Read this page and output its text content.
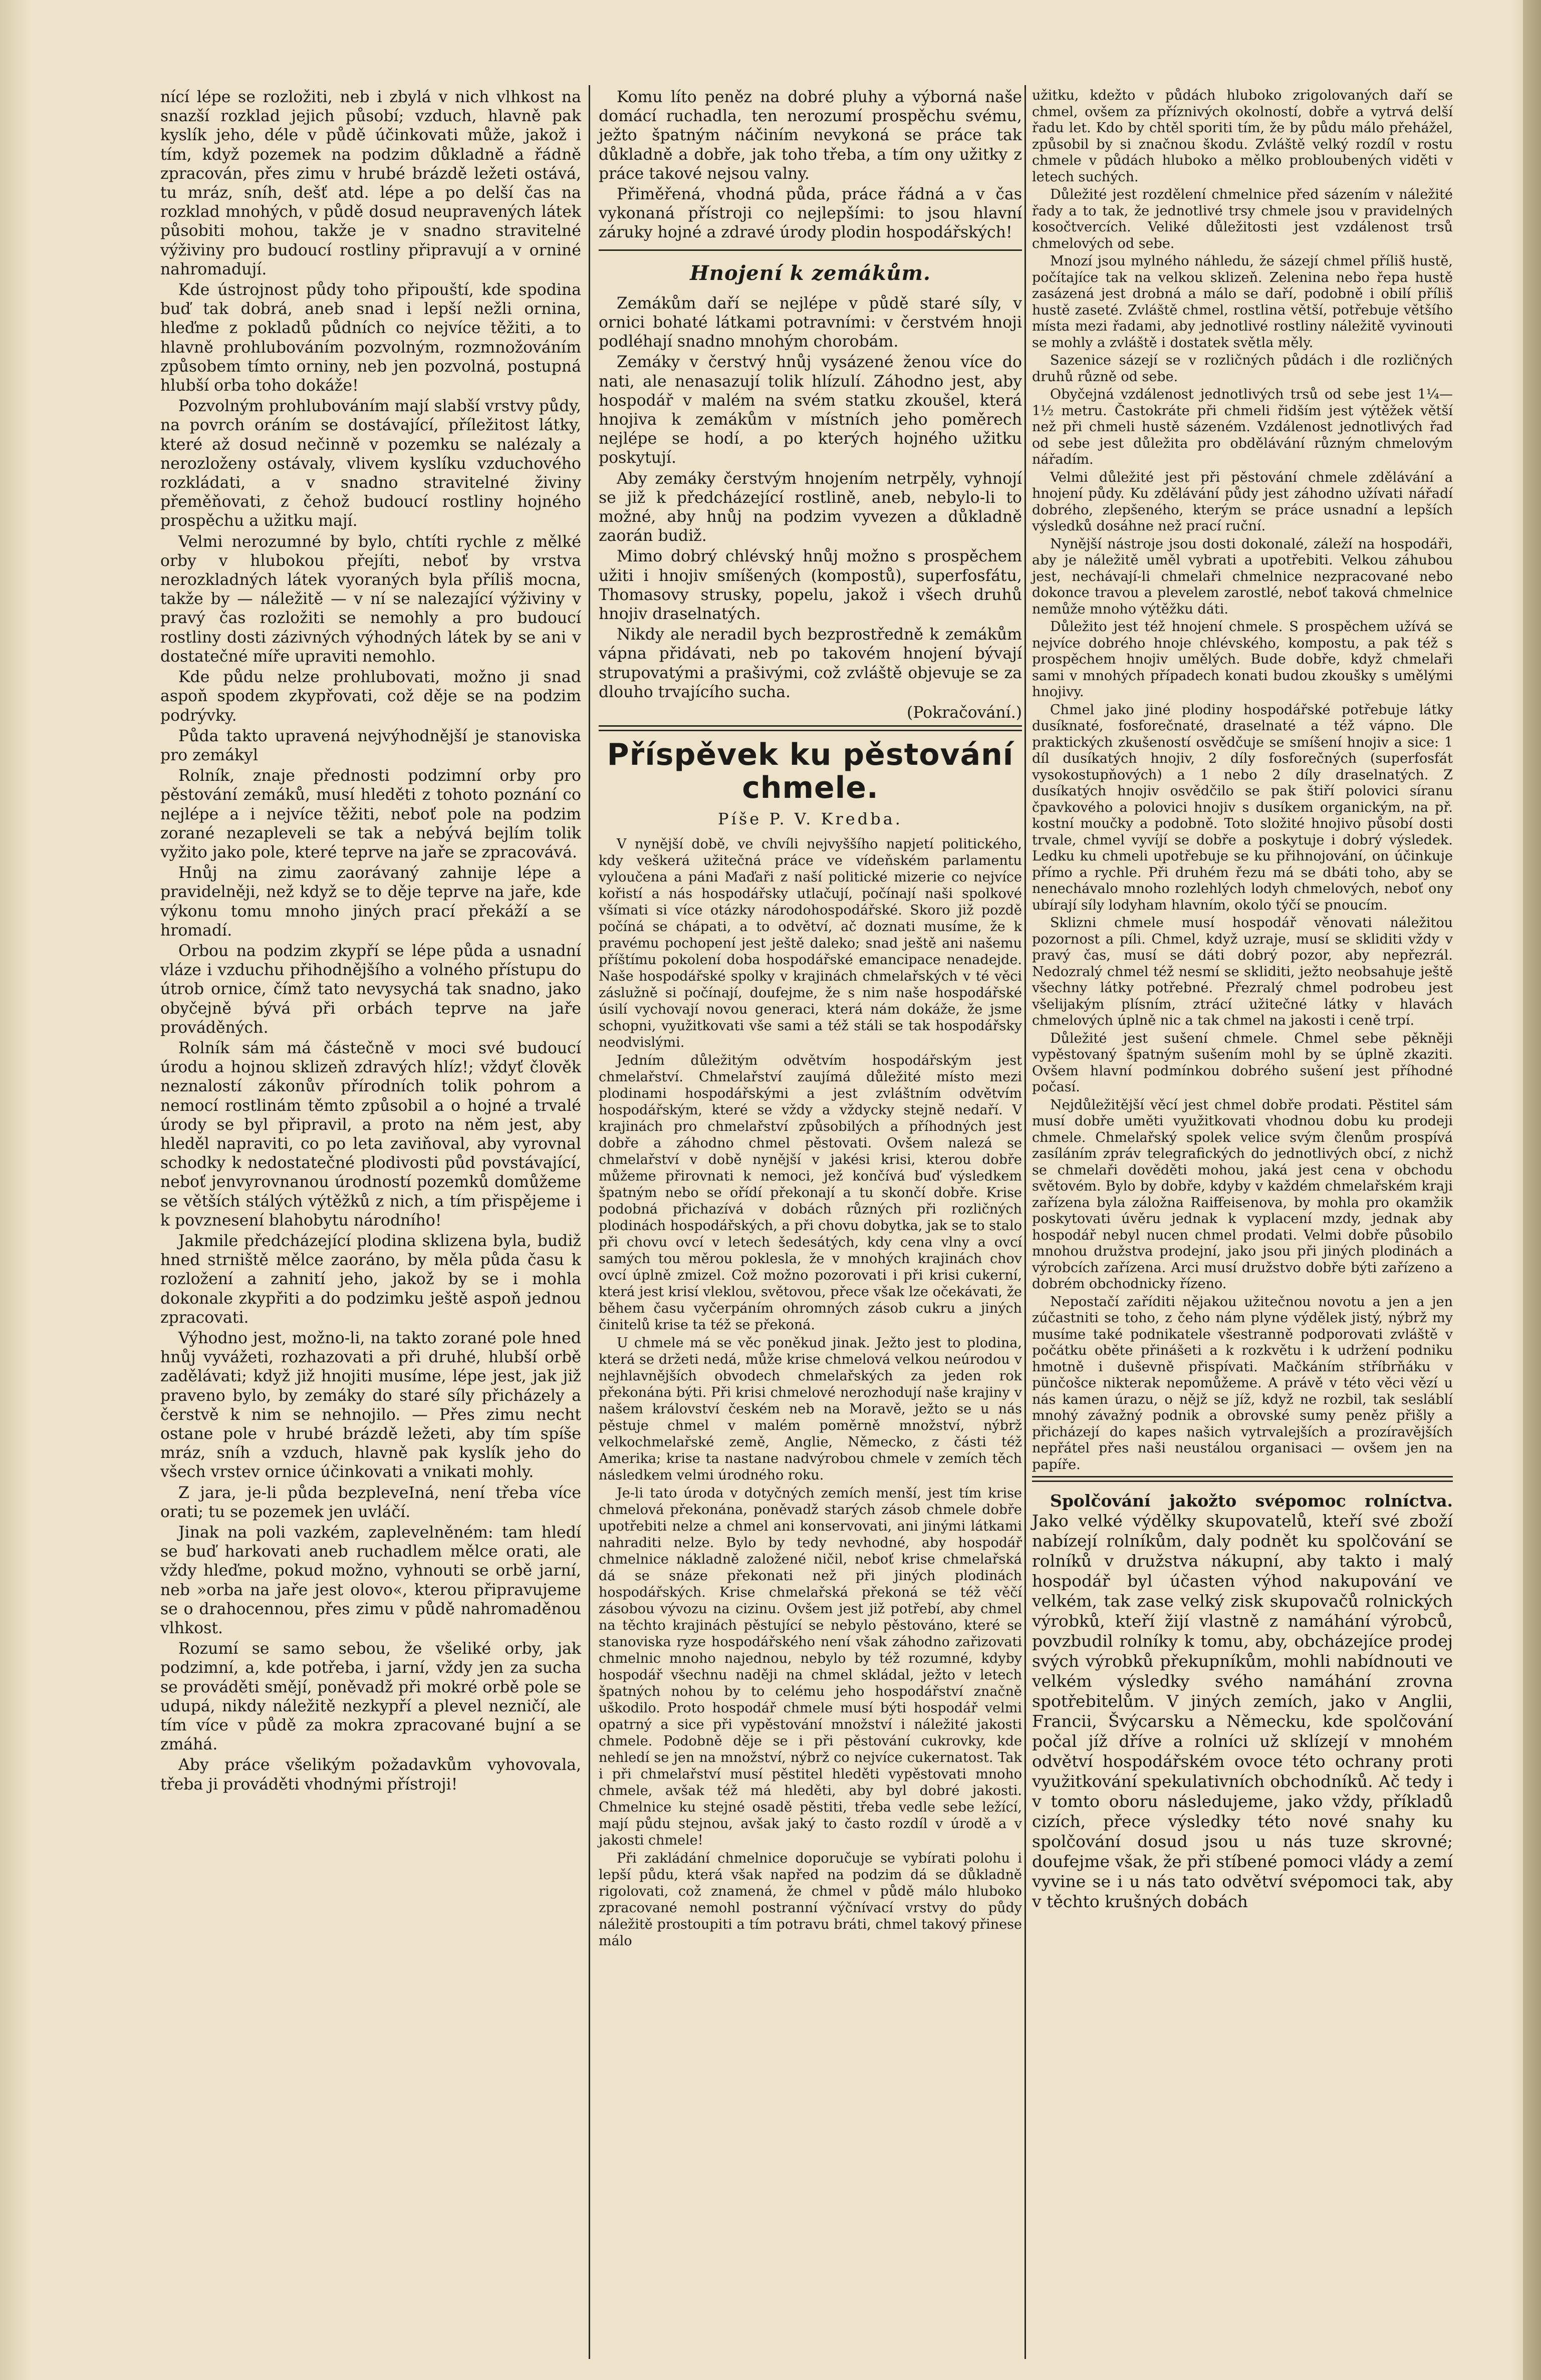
nící lépe se rozložiti, neb i zbylá v nich vlhkost na snazší rozklad jejich působí; vzduch, hlavně pak kyslík jeho, déle v půdě účinkovati může, jakož i tím, když pozemek na podzim důkladně a řádně zpracován, přes zimu v hrubé brázdě ležeti ostává, tu mráz, sníh, dešť atd. lépe a po delší čas na rozklad mnohých, v půdě dosud neupravených látek působiti mohou, takže je v snadno stravitelné výživiny pro budoucí rostliny připravují a v orniné nahromadují.

Kde ústrojnost půdy toho připouští, kde spodina buď tak dobrá, aneb snad i lepší nežli ornina, hleďme z pokladů půdních co nejvíce těžiti, a to hlavně prohlubováním pozvolným, rozmnožováním způsobem tímto orniny, neb jen pozvolná, postupná hlubší orba toho dokáže!

Pozvolným prohlubováním mají slabší vrstvy půdy, na povrch oráním se dostávající, příležitost látky, které až dosud nečinně v pozemku se nalézaly a nerozloženy ostávaly, vlivem kyslíku vzduchového rozkládati, a v snadno stravitelné živiny přeměňovati, z čehož budoucí rostliny hojného prospěchu a užitku mají.

Velmi nerozumné by bylo, chtíti rychle z mělké orby v hlubokou přejíti, neboť by vrstva nerozkladných látek vyoraných byla příliš mocna, takže by — náležitě — v ní se nalezající výživiny v pravý čas rozložiti se nemohly a pro budoucí rostliny dosti zázivných výhodných látek by se ani v dostatečné míře upraviti nemohlo.

Kde půdu nelze prohlubovati, možno ji snad aspoň spodem zkypřovati, což děje se na podzim podrývky.

Půda takto upravená nejvýhodnější je stanoviska pro zemákyl

Rolník, znaje přednosti podzimní orby pro pěstování zemáků, musí hleděti z tohoto poznání co nejlépe a i nejvíce těžiti, neboť pole na podzim zorané nezapleveli se tak a nebývá bejlím tolik vyžito jako pole, které teprve na jaře se zpracovává.

Hnůj na zimu zaorávaný zahnije lépe a pravidelněji, než když se to děje teprve na jaře, kde výkonu tomu mnoho jiných prací překáží a se hromadí.

Orbou na podzim zkypří se lépe půda a usnadní vláze i vzduchu přihodnějšího a volného přístupu do útrob ornice, čímž tato nevysychá tak snadno, jako obyčejně bývá při orbách teprve na jaře prováděných.

Rolník sám má částečně v moci své budoucí úrodu a hojnou sklizeň zdravých hlíz!; vždyť člověk neznalostí zákonův přírodních tolik pohrom a nemocí rostlinám těmto způsobil a o hojné a trvalé úrody se byl připravil, a proto na něm jest, aby hleděl napraviti, co po leta zaviňoval, aby vyrovnal schodky k nedostatečné plodivosti půd povstávající, neboť jenvyrovnanou úrodností pozemků domůžeme se větších stálých výtěžků z nich, a tím přispějeme i k povznesení blahobytu národního!

Jakmile předcházející plodina sklizena byla, budiž hned strniště mělce zaoráno, by měla půda času k rozložení a zahnití jeho, jakož by se i mohla dokonale zkypřiti a do podzimku ještě aspoň jednou zpracovati.

Výhodno jest, možno-li, na takto zorané pole hned hnůj vyvážeti, rozhazovati a při druhé, hlubší orbě zadělávati; když již hnojiti musíme, lépe jest, jak již praveno bylo, by zemáky do staré síly přicházely a čerstvě k nim se nehnojilo. — Přes zimu necht ostane pole v hrubé brázdě ležeti, aby tím spíše mráz, sníh a vzduch, hlavně pak kyslík jeho do všech vrstev ornice účinkovati a vnikati mohly.

Z jara, je-li půda bezpleveIná, není třeba více orati; tu se pozemek jen uvláčí.

Jinak na poli vazkém, zaplevelněném: tam hledí se buď harkovati aneb ruchadlem mělce orati, ale vždy hleďme, pokud možno, vyhnouti se orbě jarní, neb »orba na jaře jest olovo«, kterou připravujeme se o drahocennou, přes zimu v půdě nahromaděnou vlhkost.

Rozumí se samo sebou, že všeliké orby, jak podzimní, a, kde potřeba, i jarní, vždy jen za sucha se prováděti smějí, poněvadž při mokré orbě pole se udupá, nikdy náležitě nezkypří a plevel nezničí, ale tím více v půdě za mokra zpracované bujní a se zmáhá.

Aby práce všelikým požadavkům vyhovovala, třeba ji prováděti vhodnými přístroji!

Komu líto peněz na dobré pluhy a výborná naše domácí ruchadla, ten nerozumí prospěchu svému, ježto špatným náčiním nevykoná se práce tak důkladně a dobře, jak toho třeba, a tím ony užitky z práce takové nejsou valny.

Přiměřená, vhodná půda, práce řádná a v čas vykonaná přístroji co nejlepšími: to jsou hlavní záruky hojné a zdravé úrody plodin hospodářských!

Hnojení k zemákům.

Zemákům daří se nejlépe v půdě staré síly, v ornici bohaté látkami potravními: v čerstvém hnoji podléhají snadno mnohým chorobám.

Zemáky v čerstvý hnůj vysázené ženou více do nati, ale nenasazují tolik hlízulí. Záhodno jest, aby hospodář v malém na svém statku zkoušel, která hnojiva k zemákům v místních jeho poměrech nejlépe se hodí, a po kterých hojného užitku poskytují.

Aby zemáky čerstvým hnojením netrpěly, vyhnojí se již k předcházející rostlině, aneb, nebylo-li to možné, aby hnůj na podzim vyvezen a důkladně zaorán budiž.

Mimo dobrý chlévský hnůj možno s prospěchem užiti i hnojiv smíšených (kompostů), superfosfátu, Thomasovy strusky, popelu, jakož i všech druhů hnojiv draselnatých.

Nikdy ale neradil bych bezprostředně k zemákům vápna přidávati, neb po takovém hnojení bývají strupovatými a prašivými, což zvláště objevuje se za dlouho trvajícího sucha.

(Pokračování.)
Příspěvek ku pěstování chmele.
Píše P. V. Kredba.

V nynější době, ve chvíli nejvyššího napjetí politického, kdy veškerá užitečná práce ve vídeňském parlamentu vyloučena a páni Maďaři z naší politické mizerie co nejvíce kořistí a nás hospodářsky utlačují, počínají naši spolkové všímati si více otázky národohospodářské. Skoro již pozdě počíná se chápati, a to odvětví, ač doznati musíme, že k pravému pochopení jest ještě daleko; snad ještě ani našemu příštímu pokolení doba hospodářské emancipace nenadejde. Naše hospodářské spolky v krajinách chmelařských v té věci záslužně si počínají, doufejme, že s nim naše hospodářské úsilí vychovají novou generaci, která nám dokáže, že jsme schopni, využitkovati vše sami a též stáli se tak hospodářsky neodvislými.

Jedním důležitým odvětvím hospodářským jest chmelařství. Chmelařství zaujímá důležité místo mezi plodinami hospodářskými a jest zvláštním odvětvím hospodářským, které se vždy a vždycky stejně nedaří. V krajinách pro chmelařství způsobilých a příhodných jest dobře a záhodno chmel pěstovati. Ovšem nalezá se chmelařství v době nynější v jakési krisi, kterou dobře můžeme přirovnati k nemoci, jež končívá buď výsledkem špatným nebo se ořídí překonají a tu skončí dobře. Krise podobná přichazívá v dobách různých při rozličných plodinách hospodářských, a při chovu dobytka, jak se to stalo při chovu ovcí v letech šedesátých, kdy cena vlny a ovcí samých tou měrou poklesla, že v mnohých krajinách chov ovcí úplně zmizel. Což možno pozorovati i při krisi cukerní, která jest krisí vleklou, světovou, přece však lze očekávati, že během času vyčerpáním ohromných zásob cukru a jiných činitelů krise ta též se překoná.

U chmele má se věc poněkud jinak. Ježto jest to plodina, která se držeti nedá, může krise chmelová velkou neúrodou v nejhlavnějších obvodech chmelařských za jeden rok překonána býti. Při krisi chmelové nerozhodují naše krajiny v našem království českém neb na Moravě, ježto se u nás pěstuje chmel v malém poměrně množství, nýbrž velkochmelařské země, Anglie, Německo, z části též Amerika; krise ta nastane nadvýrobou chmele v zemích těch následkem velmi úrodného roku.

Je-li tato úroda v dotyčných zemích menší, jest tím krise chmelová překonána, poněvadž starých zásob chmele dobře upotřebiti nelze a chmel ani konservovati, ani jinými látkami nahraditi nelze. Bylo by tedy nevhodné, aby hospodář chmelnice nákladně založené ničil, neboť krise chmelařská dá se snáze překonati než při jiných plodinách hospodářských. Krise chmelařská překoná se též věčí zásobou vývozu na cizinu. Ovšem jest již potřebí, aby chmel na těchto krajinách pěstující se nebylo pěstováno, které se stanoviska ryze hospodářského není však záhodno zařizovati chmelnic mnoho najednou, nebylo by též rozumné, kdyby hospodář všechnu naději na chmel skládal, ježto v letech špatných nohou by to celému jeho hospodářství značně uškodilo. Proto hospodář chmele musí býti hospodář velmi opatrný a sice při vypěstování množství i náležité jakosti chmele. Podobně děje se i při pěstování cukrovky, kde nehledí se jen na množství, nýbrž co nejvíce cukernatost. Tak i při chmelařství musí pěstitel hleděti vypěstovati mnoho chmele, avšak též má hleděti, aby byl dobré jakosti. Chmelnice ku stejné osadě pěstiti, třeba vedle sebe ležící, mají půdu stejnou, avšak jaký to často rozdíl v úrodě a v jakosti chmele!

Při zakládání chmelnice doporučuje se vybírati polohu i lepší půdu, která však napřed na podzim dá se důkladně rigolovati, což znamená, že chmel v půdě málo hluboko zpracované nemohl postranní výčnívací vrstvy do půdy náležitě prostoupiti a tím potravu bráti, chmel takový přinese málo

užitku, kdežto v půdách hluboko zrigolovaných daří se chmel, ovšem za příznivých okolností, dobře a vytrvá delší řadu let. Kdo by chtěl sporiti tím, že by půdu málo přehážel, způsobil by si značnou škodu. Zvláště velký rozdíl v rostu chmele v půdách hluboko a mělko probloubených viděti v letech suchých.

Důležité jest rozdělení chmelnice před sázením v náležité řady a to tak, že jednotlivé trsy chmele jsou v pravidelných kosočtvercích. Veliké důležitosti jest vzdálenost trsů chmelových od sebe.

Mnozí jsou mylného náhledu, že sázejí chmel příliš hustě, počítajíce tak na velkou sklizeň. Zelenina nebo řepa hustě zasázená jest drobná a málo se daří, podobně i obilí příliš hustě zaseté. Zvláště chmel, rostlina větší, potřebuje většího místa mezi řadami, aby jednotlivé rostliny náležitě vyvinouti se mohly a zvláště i dostatek světla měly.

Sazenice sázejí se v rozličných půdách i dle rozličných druhů různě od sebe.

Obyčejná vzdálenost jednotlivých trsů od sebe jest 1¼—1½ metru. Častokráte při chmeli řidším jest výtěžek větší než při chmeli hustě sázeném. Vzdálenost jednotlivých řad od sebe jest důležita pro obdělávání různým chmelovým nářadím.

Velmi důležité jest při pěstování chmele zdělávání a hnojení půdy. Ku zdělávání půdy jest záhodno užívati nářadí dobrého, zlepšeného, kterým se práce usnadní a lepších výsledků dosáhne než prací ruční.

Nynější nástroje jsou dosti dokonalé, záleží na hospodáři, aby je náležitě uměl vybrati a upotřebiti. Velkou záhubou jest, nechávají-li chmelaři chmelnice nezpracované nebo dokonce travou a plevelem zarostlé, neboť taková chmelnice nemůže mnoho výtěžku dáti.

Důležito jest též hnojení chmele. S prospěchem užívá se nejvíce dobrého hnoje chlévského, kompostu, a pak též s prospěchem hnojiv umělých. Bude dobře, když chmelaři sami v mnohých případech konati budou zkoušky s umělými hnojivy.

Chmel jako jiné plodiny hospodářské potřebuje látky dusíknaté, fosforečnaté, draselnaté a též vápno. Dle praktických zkušeností osvědčuje se smíšení hnojiv a sice: 1 díl dusíkatých hnojiv, 2 díly fosforečných (superfosfát vysokostupňových) a 1 nebo 2 díly draselnatých. Z dusíkatých hnojiv osvědčilo se pak štiří polovici síranu čpavkového a polovici hnojiv s dusíkem organickým, na př. kostní moučky a podobně. Toto složité hnojivo působí dosti trvale, chmel vyvíjí se dobře a poskytuje i dobrý výsledek. Ledku ku chmeli upotřebuje se ku přihnojování, on účinkuje přímo a rychle. Při druhém řezu má se dbáti toho, aby se nenechávalo mnoho rozlehlých lodyh chmelových, neboť ony ubírají síly lodyham hlavním, okolo týčí se pnoucím.

Sklizni chmele musí hospodář věnovati náležitou pozornost a píli. Chmel, když uzraje, musí se skliditi vždy v pravý čas, musí se dáti dobrý pozor, aby nepřezrál. Nedozralý chmel též nesmí se skliditi, ježto neobsahuje ještě všechny látky potřebné. Přezralý chmel podrobeu jest všelijakým plísním, ztrácí užitečné látky v hlavách chmelových úplně nic a tak chmel na jakosti i ceně trpí.

Důležité jest sušení chmele. Chmel sebe pěkněji vypěstovaný špatným sušením mohl by se úplně zkaziti. Ovšem hlavní podmínkou dobrého sušení jest příhodné počasí.

Nejdůležitější věcí jest chmel dobře prodati. Pěstitel sám musí dobře uměti využitkovati vhodnou dobu ku prodeji chmele. Chmelařský spolek velice svým členům prospívá zasíláním zpráv telegrafických do jednotlivých obcí, z nichž se chmelaři dověděti mohou, jaká jest cena v obchodu světovém. Bylo by dobře, kdyby v každém chmelařském kraji zařízena byla záložna Raiffeisenova, by mohla pro okamžik poskytovati úvěru jednak k vyplacení mzdy, jednak aby hospodář nebyl nucen chmel prodati. Velmi dobře působilo mnohou družstva prodejní, jako jsou při jiných plodinách a výrobcích zařízena. Arci musí družstvo dobře býti zařízeno a dobrém obchodnicky řízeno.

Nepostačí zaříditi nějakou užitečnou novotu a jen a jen zúčastniti se toho, z čeho nám plyne výdělek jistý, nýbrž my musíme také podnikatele všestranně podporovati zvláště v počátku oběte přinášeti a k rozkvětu i k udržení podniku hmotně i duševně přispívati. Mačkáním stříbrňáku v pünčošce nikterak nepomůžeme. A právě v této věci vězí u nás kamen úrazu, o nějž se jíž, když ne rozbil, tak sesláblí mnohý závažný podnik a obrovské sumy peněz přišly a přicházejí do kapes našich vytrvalejších a prozíravějších nepřátel přes naši neustálou organisaci — ovšem jen na papíře.

Spolčování jakožto svépomoc rolníctva. Jako velké výdělky skupovatelů, kteří své zboží nabízejí rolníkům, daly podnět ku spolčování se rolníků v družstva nákupní, aby takto i malý hospodář byl účasten výhod nakupování ve velkém, tak zase velký zisk skupovačů rolnických výrobků, kteří žijí vlastně z namáhání výrobců, povzbudil rolníky k tomu, aby, obcházejíce prodej svých výrobků překupníkům, mohli nabídnouti ve velkém výsledky svého namáhání zrovna spotřebitelům. V jiných zemích, jako v Anglii, Francii, Švýcarsku a Německu, kde spolčování počal jíž dříve a rolníci už sklízejí v mnohém odvětví hospodářském ovoce této ochrany proti využitkování spekulativních obchodníků. Ač tedy i v tomto oboru následujeme, jako vždy, příkladů cizích, přece výsledky této nové snahy ku spolčování dosud jsou u nás tuze skrovné; doufejme však, že při stíbené pomoci vlády a zemí vyvine se i u nás tato odvětví svépomoci tak, aby v těchto krušných dobách
